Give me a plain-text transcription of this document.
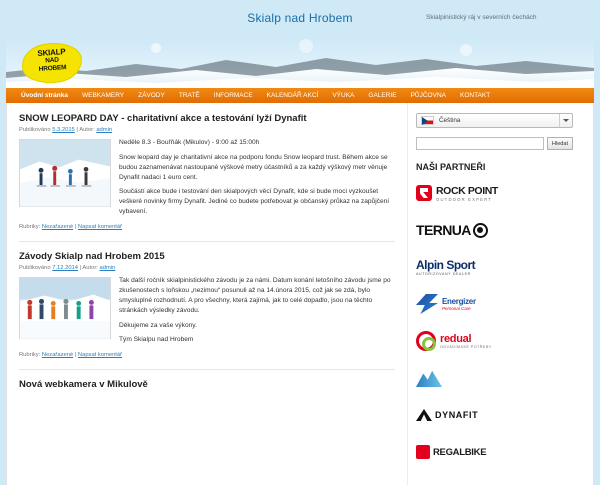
Skialp nad Hrobem	Skialpinistický ráj v severních čechách
SKIALP
NAD
HROBEM
Úvodní stránka	WEBKAMERY	ZÁVODY	TRATĚ	INFORMACE	KALENDÁŘ AKCÍ	VÝUKA	GALERIE	PŮJČOVNA	KONTAKT
SNOW LEOPARD DAY - charitativní akce a testování lyží Dynafit
Publikováno 5.3.2015 | Autor: admin

Neděle 8.3 - Bouřňák (Mikulov) - 9:00 až 15:00h

Snow leopard day je charitativní akce na podporu fondu Snow leopard trust. Během akce se budou zaznamenávat nastoupané výškové metry účastníků a za každý výškový metr věnuje Dynafit nadaci 1 euro cent.

Součástí akce bude i testování den skialpových věcí Dynafit, kde si bude moci vyzkoušet veškeré novinky firmy Dynafit. Jediné co budete potřebovat je občanský průkaz na zapůjčení vybavení.

Rubriky: Nezařazené | Napsat komentář
Závody Skialp nad Hrobem 2015
Publikováno 7.12.2014 | Autor: admin

Tak další ročník skialpinistického závodu je za námi. Datum konání letošního závodu jsme po zkušenostech s loňskou „nezimou“ posunuli až na 14.února 2015, což jak se zdá, bylo smysluplné rozhodnutí. A pro všechny, která zajímá, jak to celé dopadlo, jsou na těchto stránkách výsledky závodu.

Děkujeme za vaše výkony.

Tým Skialpu nad Hrobem

Rubriky: Nezařazené | Napsat komentář
Nová webkamera v Mikulově
Čeština
Hledat
NAŠI PARTNEŘI
ROCK POINT
OUTDOOR EXPERT
TERNUA
Alpin Sport
AUTORIZOVANÝ DEALER
Energizer
Personal Care
redual
ODVÁDÍMSKÉ POTŘEBY
DYNAFIT
REGALBIKE
